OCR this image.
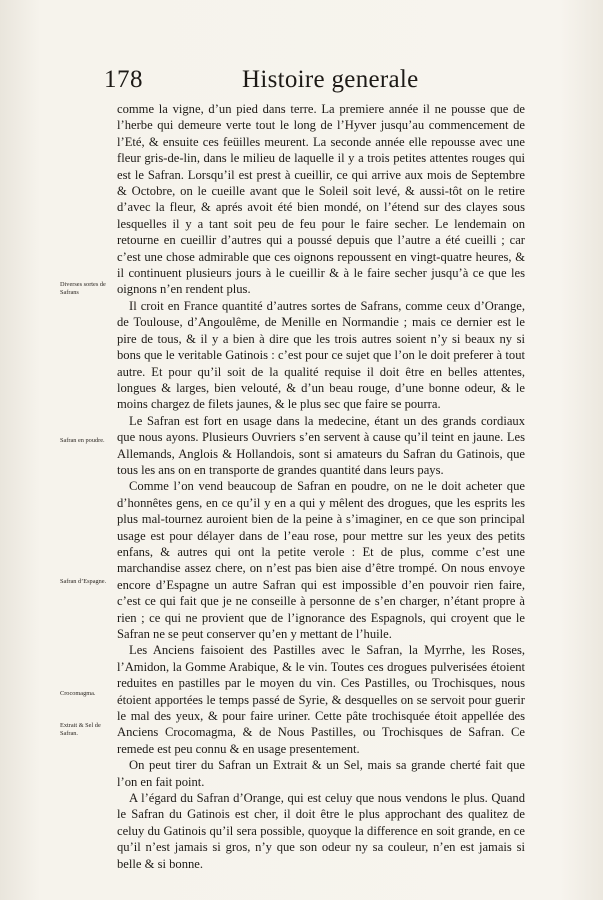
178	Histoire generale

comme la vigne, d’un pied dans terre. La premiere année il ne pousse que de l’herbe qui demeure verte tout le long de l’Hyver jusqu’au commencement de l’Eté, & ensuite ces feüilles meurent. La seconde année elle repousse avec une fleur gris-de-lin, dans le milieu de laquelle il y a trois petites attentes rouges qui est le Safran. Lorsqu’il est prest à cueillir, ce qui arrive aux mois de Septembre & Octobre, on le cueille avant que le Soleil soit levé, & aussi-tôt on le retire d’avec la fleur, & aprés avoit été bien mondé, on l’étend sur des clayes sous lesquelles il y a tant soit peu de feu pour le faire secher. Le lendemain on retourne en cueillir d’autres qui a poussé depuis que l’autre a été cueilli ; car c’est une chose admirable que ces oignons repoussent en vingt-quatre heures, & il continuent plusieurs jours à le cueillir & à le faire secher jusqu’à ce que les oignons n’en rendent plus.

Il croit en France quantité d’autres sortes de Safrans, comme ceux d’Orange, de Toulouse, d’Angoulême, de Menille en Normandie ; mais ce dernier est le pire de tous, & il y a bien à dire que les trois autres soient n’y si beaux ny si bons que le veritable Gatinois : c’est pour ce sujet que l’on le doit preferer à tout autre. Et pour qu’il soit de la qualité requise il doit être en belles attentes, longues & larges, bien velouté, & d’un beau rouge, d’une bonne odeur, & le moins chargez de filets jaunes, & le plus sec que faire se pourra.

Le Safran est fort en usage dans la medecine, étant un des grands cordiaux que nous ayons. Plusieurs Ouvriers s’en servent à cause qu’il teint en jaune. Les Allemands, Anglois & Hollandois, sont si amateurs du Safran du Gatinois, que tous les ans on en transporte de grandes quantité dans leurs pays.

Comme l’on vend beaucoup de Safran en poudre, on ne le doit acheter que d’honnêtes gens, en ce qu’il y en a qui y mêlent des drogues, que les esprits les plus mal-tournez auroient bien de la peine à s’imaginer, en ce que son principal usage est pour délayer dans de l’eau rose, pour mettre sur les yeux des petits enfans, & autres qui ont la petite verole : Et de plus, comme c’est une marchandise assez chere, on n’est pas bien aise d’être trompé. On nous envoye encore d’Espagne un autre Safran qui est impossible d’en pouvoir rien faire, c’est ce qui fait que je ne conseille à personne de s’en charger, n’étant propre à rien ; ce qui ne provient que de l’ignorance des Espagnols, qui croyent que le Safran ne se peut conserver qu’en y mettant de l’huile.

Les Anciens faisoient des Pastilles avec le Safran, la Myrrhe, les Roses, l’Amidon, la Gomme Arabique, & le vin. Toutes ces drogues pulverisées étoient reduites en pastilles par le moyen du vin. Ces Pastilles, ou Trochisques, nous étoient apportées le temps passé de Syrie, & desquelles on se servoit pour guerir le mal des yeux, & pour faire uriner. Cette pâte trochisquée étoit appellée des Anciens Crocomagma, & de Nous Pastilles, ou Trochisques de Safran. Ce remede est peu connu & en usage presentement.

On peut tirer du Safran un Extrait & un Sel, mais sa grande cherté fait que l’on en fait point.

A l’égard du Safran d’Orange, qui est celuy que nous vendons le plus. Quand le Safran du Gatinois est cher, il doit être le plus approchant des qualitez de celuy du Gatinois qu’il sera possible, quoyque la difference en soit grande, en ce qu’il n’est jamais si gros, n’y que son odeur ny sa couleur, n’en est jamais si belle & si bonne.

Diverses sortes de Safrans
Safran en poudre.
Safran d’Espagne.
Crocomagma.
Extrait & Sel de Safran.
